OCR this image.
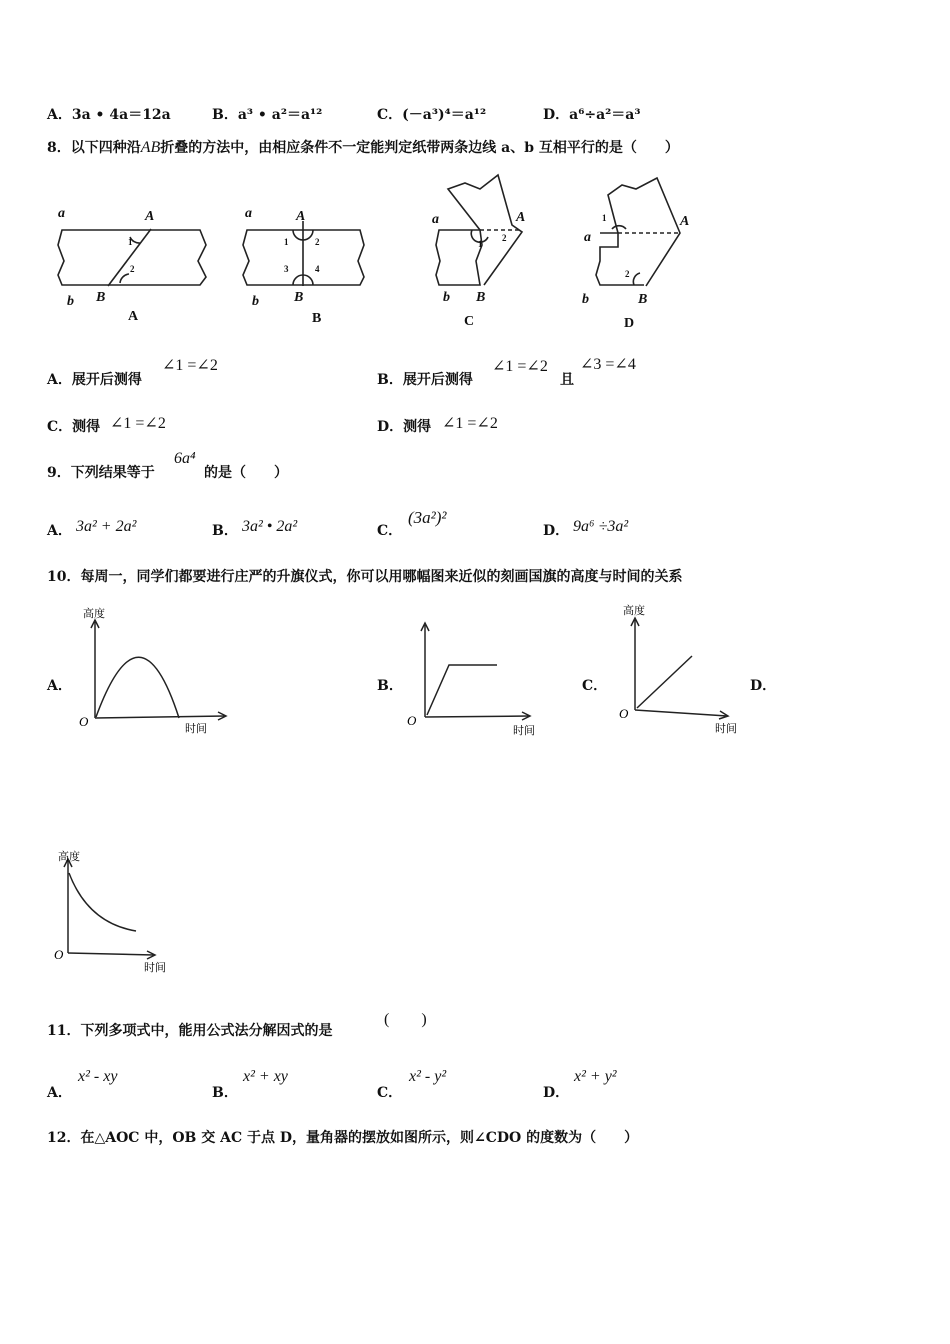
A．3a • 4a＝12a	B．a³ • a²＝a¹²	C．(－a³)⁴＝a¹²	D．a⁶÷a²＝a³
8．以下四种沿AB折叠的方法中，由相应条件不一定能判定纸带两条边线 a、b 互相平行的是（　　）
a	A
b B
a	A
b	B
a	A
b B
a
A
b	B
1
2
1	2
3	4
1
2
1
2
A	B	C	D
A．展开后测得
∠1 =∠2
B．展开后测得
∠1 =∠2
且
∠3 =∠4
C．测得 ∠1 =∠2	D．测得 ∠1 =∠2
9．下列结果等于
6a⁴
的是（　　）
A． 3a² + 2a²	B． 3a² • 2a²	C．
(3a²)²
D． 9a⁶ ÷3a²
10．每周一，同学们都要进行庄严的升旗仪式，你可以用哪幅图来近似的刻画国旗的高度与时间的关系
A．	B．	C．	D．
高度
时间
O
时间
O
高度
时间
O
高度
时间
O
11．下列多项式中，能用公式法分解因式的是
(　　)
A．
x² - xy
B．
x² + xy
C．
x² - y²
D．
x² + y²
12．在△AOC 中，OB 交 AC 于点 D，量角器的摆放如图所示，则∠CDO 的度数为（　　）
